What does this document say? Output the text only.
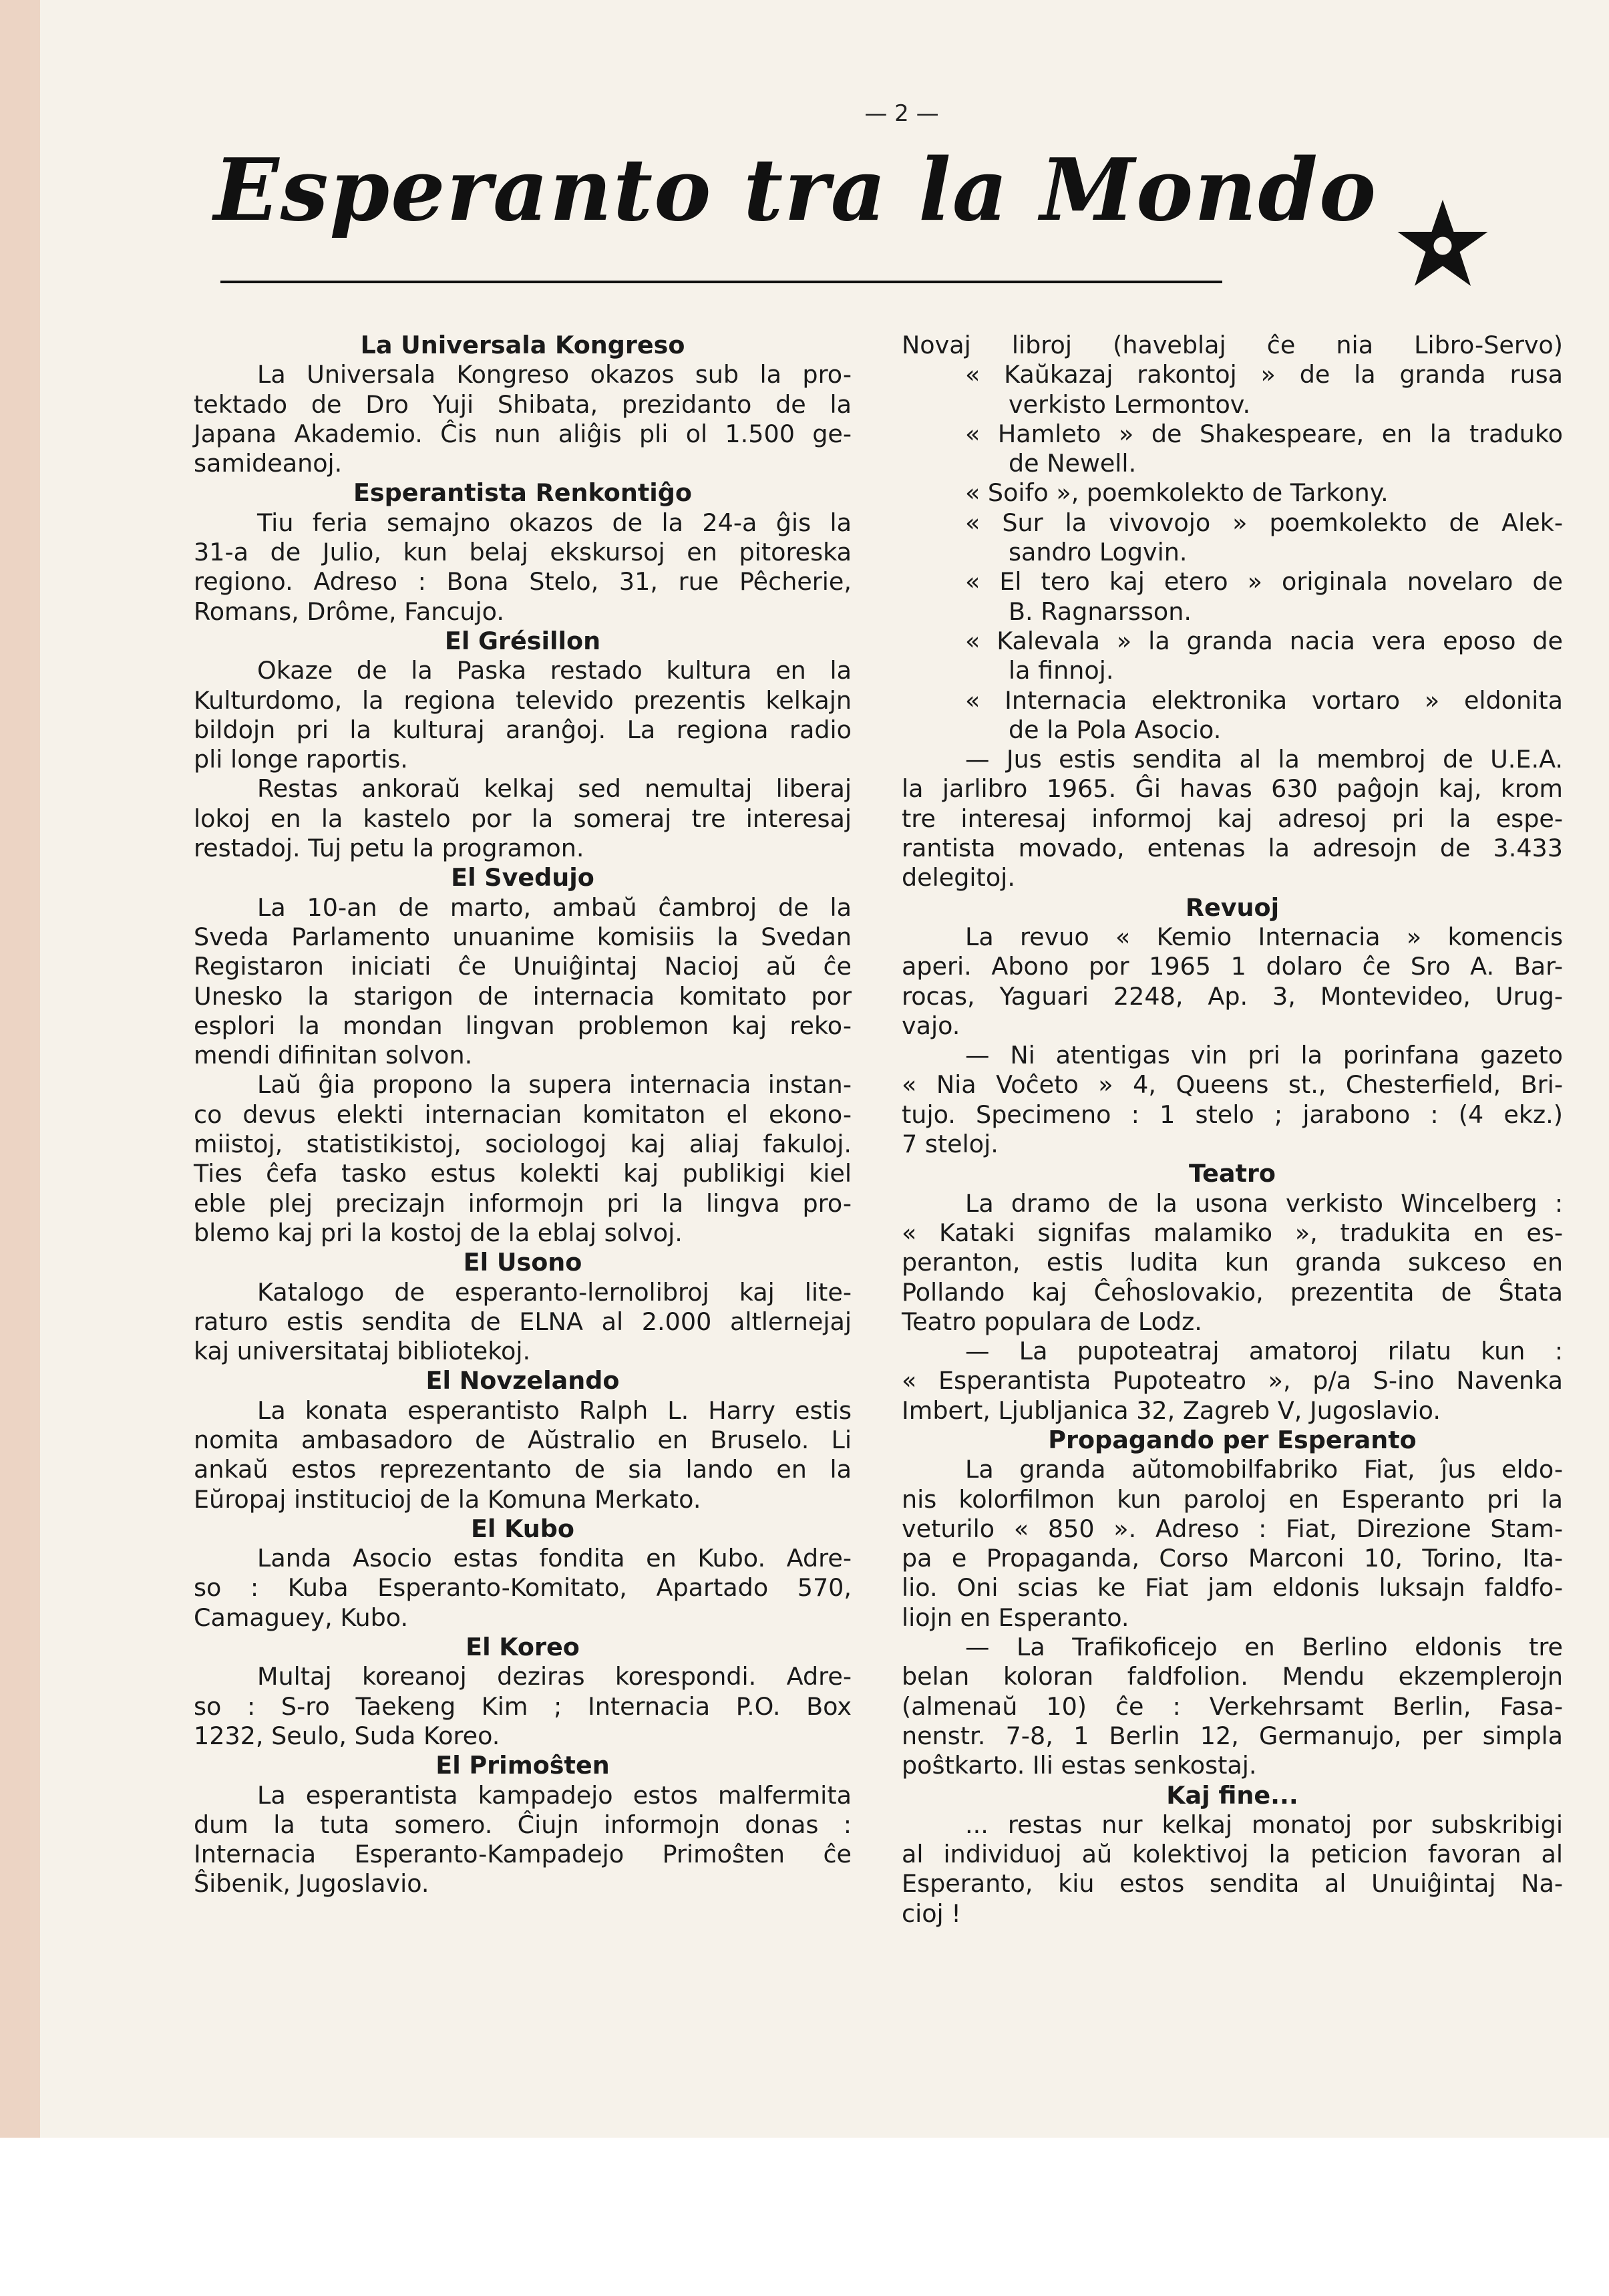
— 2 —
Esperanto tra la Mondo
La Universala Kongreso
La Universala Kongreso okazos sub la pro-
tektado de Dro Yuji Shibata, prezidanto de la
Japana Akademio. Ĉis nun aliĝis pli ol 1.500 ge-
samideanoj.
Esperantista Renkontiĝo
Tiu feria semajno okazos de la 24-a ĝis la
31-a de Julio, kun belaj ekskursoj en pitoreska
regiono. Adreso : Bona Stelo, 31, rue Pêcherie,
Romans, Drôme, Fancujo.
El Grésillon
Okaze de la Paska restado kultura en la
Kulturdomo, la regiona televido prezentis kelkajn
bildojn pri la kulturaj aranĝoj. La regiona radio
pli longe raportis.
Restas ankoraŭ kelkaj sed nemultaj liberaj
lokoj en la kastelo por la someraj tre interesaj
restadoj. Tuj petu la programon.
El Svedujo
La 10-an de marto, ambaŭ ĉambroj de la
Sveda Parlamento unuanime komisiis la Svedan
Registaron iniciati ĉe Unuiĝintaj Nacioj aŭ ĉe
Unesko la starigon de internacia komitato por
esplori la mondan lingvan problemon kaj reko-
mendi difinitan solvon.
Laŭ ĝia propono la supera internacia instan-
co devus elekti internacian komitaton el ekono-
miistoj, statistikistoj, sociologoj kaj aliaj fakuloj.
Ties ĉefa tasko estus kolekti kaj publikigi kiel
eble plej precizajn informojn pri la lingva pro-
blemo kaj pri la kostoj de la eblaj solvoj.
El Usono
Katalogo de esperanto-lernolibroj kaj lite-
raturo estis sendita de ELNA al 2.000 altlernejaj
kaj universitataj bibliotekoj.
El Novzelando
La konata esperantisto Ralph L. Harry estis
nomita ambasadoro de Aŭstralio en Bruselo. Li
ankaŭ estos reprezentanto de sia lando en la
Eŭropaj institucioj de la Komuna Merkato.
El Kubo
Landa Asocio estas fondita en Kubo. Adre-
so : Kuba Esperanto-Komitato, Apartado 570,
Camaguey, Kubo.
El Koreo
Multaj koreanoj deziras korespondi. Adre-
so : S-ro Taekeng Kim ; Internacia P.O. Box
1232, Seulo, Suda Koreo.
El Primoŝten
La esperantista kampadejo estos malfermita
dum la tuta somero. Ĉiujn informojn donas :
Internacia Esperanto-Kampadejo Primoŝten ĉe
Ŝibenik, Jugoslavio.
Novaj libroj (haveblaj ĉe nia Libro-Servo)
« Kaŭkazaj rakontoj » de la granda rusa
verkisto Lermontov.
« Hamleto » de Shakespeare, en la traduko
de Newell.
« Soifo », poemkolekto de Tarkony.
« Sur la vivovojo » poemkolekto de Alek-
sandro Logvin.
« El tero kaj etero » originala novelaro de
B. Ragnarsson.
« Kalevala » la granda nacia vera eposo de
la finnoj.
« Internacia elektronika vortaro » eldonita
de la Pola Asocio.
— Jus estis sendita al la membroj de U.E.A.
la jarlibro 1965. Ĝi havas 630 paĝojn kaj, krom
tre interesaj informoj kaj adresoj pri la espe-
rantista movado, entenas la adresojn de 3.433
delegitoj.
Revuoj
La revuo « Kemio Internacia » komencis
aperi. Abono por 1965 1 dolaro ĉe Sro A. Bar-
rocas, Yaguari 2248, Ap. 3, Montevideo, Urug-
vajo.
— Ni atentigas vin pri la porinfana gazeto
« Nia Voĉeto » 4, Queens st., Chesterfield, Bri-
tujo. Specimeno : 1 stelo ; jarabono : (4 ekz.)
7 steloj.
Teatro
La dramo de la usona verkisto Wincelberg :
« Kataki signifas malamiko », tradukita en es-
peranton, estis ludita kun granda sukceso en
Pollando kaj Ĉeĥoslovakio, prezentita de Ŝtata
Teatro populara de Lodz.
— La pupoteatraj amatoroj rilatu kun :
« Esperantista Pupoteatro », p/a S-ino Navenka
Imbert, Ljubljanica 32, Zagreb V, Jugoslavio.
Propagando per Esperanto
La granda aŭtomobilfabriko Fiat, ĵus eldo-
nis kolorfilmon kun paroloj en Esperanto pri la
veturilo « 850 ». Adreso : Fiat, Direzione Stam-
pa e Propaganda, Corso Marconi 10, Torino, Ita-
lio. Oni scias ke Fiat jam eldonis luksajn faldfo-
liojn en Esperanto.
— La Trafikoficejo en Berlino eldonis tre
belan koloran faldfolion. Mendu ekzemplerojn
(almenaŭ 10) ĉe : Verkehrsamt Berlin, Fasa-
nenstr. 7-8, 1 Berlin 12, Germanujo, per simpla
poŝtkarto. Ili estas senkostaj.
Kaj fine...
... restas nur kelkaj monatoj por subskribigi
al individuoj aŭ kolektivoj la peticion favoran al
Esperanto, kiu estos sendita al Unuiĝintaj Na-
cioj !
